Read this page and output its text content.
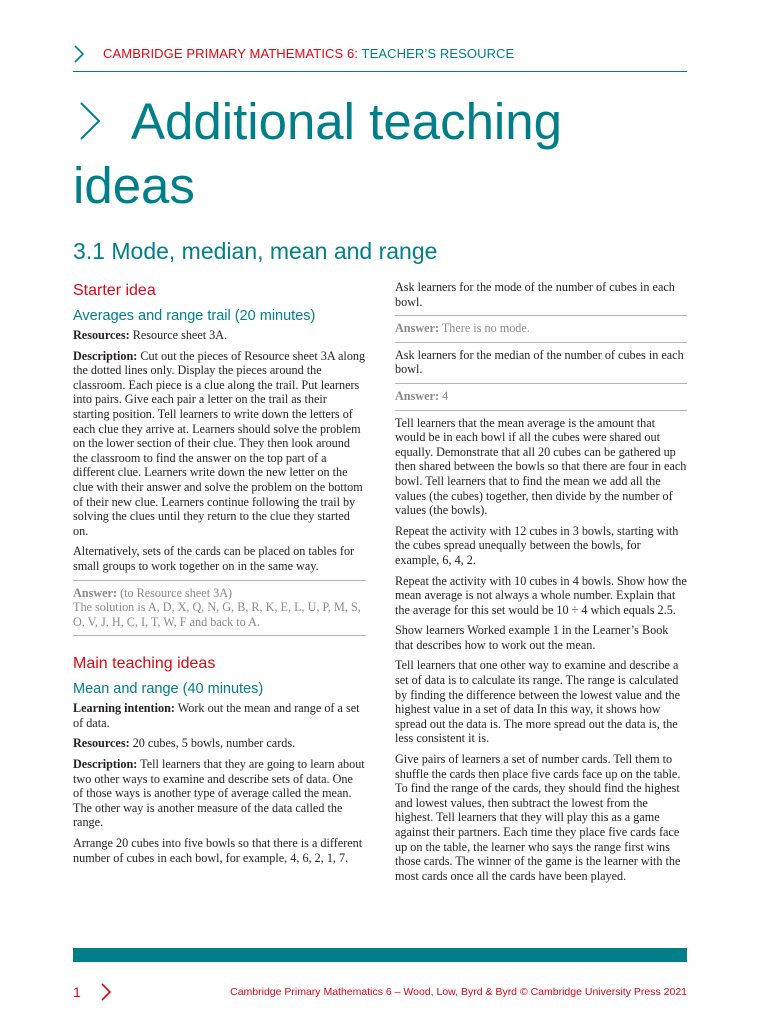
CAMBRIDGE PRIMARY MATHEMATICS 6: TEACHER’S RESOURCE
Additional teaching
ideas
3.1 Mode, median, mean and range
Starter idea
Averages and range trail (20 minutes)

Resources: Resource sheet 3A.

Description: Cut out the pieces of Resource sheet 3A along the dotted lines only. Display the pieces around the classroom. Each piece is a clue along the trail. Put learners into pairs. Give each pair a letter on the trail as their starting position. Tell learners to write down the letters of each clue they arrive at. Learners should solve the problem on the lower section of their clue. They then look around the classroom to find the answer on the top part of a different clue. Learners write down the new letter on the clue with their answer and solve the problem on the bottom of their new clue. Learners continue following the trail by solving the clues until they return to the clue they started on.

Alternatively, sets of the cards can be placed on tables for small groups to work together on in the same way.

Answer: (to Resource sheet 3A)

The solution is A, D, X, Q, N, G, B, R, K, E, L, U, P, M, S, O, V, J, H, C, I, T, W, F and back to A.

Main teaching ideas
Mean and range (40 minutes)

Learning intention: Work out the mean and range of a set of data.

Resources: 20 cubes, 5 bowls, number cards.

Description: Tell learners that they are going to learn about two other ways to examine and describe sets of data. One of those ways is another type of average called the mean. The other way is another measure of the data called the range.

Arrange 20 cubes into five bowls so that there is a different number of cubes in each bowl, for example, 4, 6, 2, 1, 7.

Ask learners for the mode of the number of cubes in each bowl.

Answer: There is no mode.

Ask learners for the median of the number of cubes in each bowl.

Answer: 4

Tell learners that the mean average is the amount that would be in each bowl if all the cubes were shared out equally. Demonstrate that all 20 cubes can be gathered up then shared between the bowls so that there are four in each bowl. Tell learners that to find the mean we add all the values (the cubes) together, then divide by the number of values (the bowls).

Repeat the activity with 12 cubes in 3 bowls, starting with the cubes spread unequally between the bowls, for example, 6, 4, 2.

Repeat the activity with 10 cubes in 4 bowls. Show how the mean average is not always a whole number. Explain that the average for this set would be 10 ÷ 4 which equals 2.5.

Show learners Worked example 1 in the Learner’s Book that describes how to work out the mean.

Tell learners that one other way to examine and describe a set of data is to calculate its range. The range is calculated by finding the difference between the lowest value and the highest value in a set of data In this way, it shows how spread out the data is. The more spread out the data is, the less consistent it is.

Give pairs of learners a set of number cards. Tell them to shuffle the cards then place five cards face up on the table. To find the range of the cards, they should find the highest and lowest values, then subtract the lowest from the highest. Tell learners that they will play this as a game against their partners. Each time they place five cards face up on the table, the learner who says the range first wins those cards. The winner of the game is the learner with the most cards once all the cards have been played.

1	Cambridge Primary Mathematics 6 – Wood, Low, Byrd & Byrd © Cambridge University Press 2021
